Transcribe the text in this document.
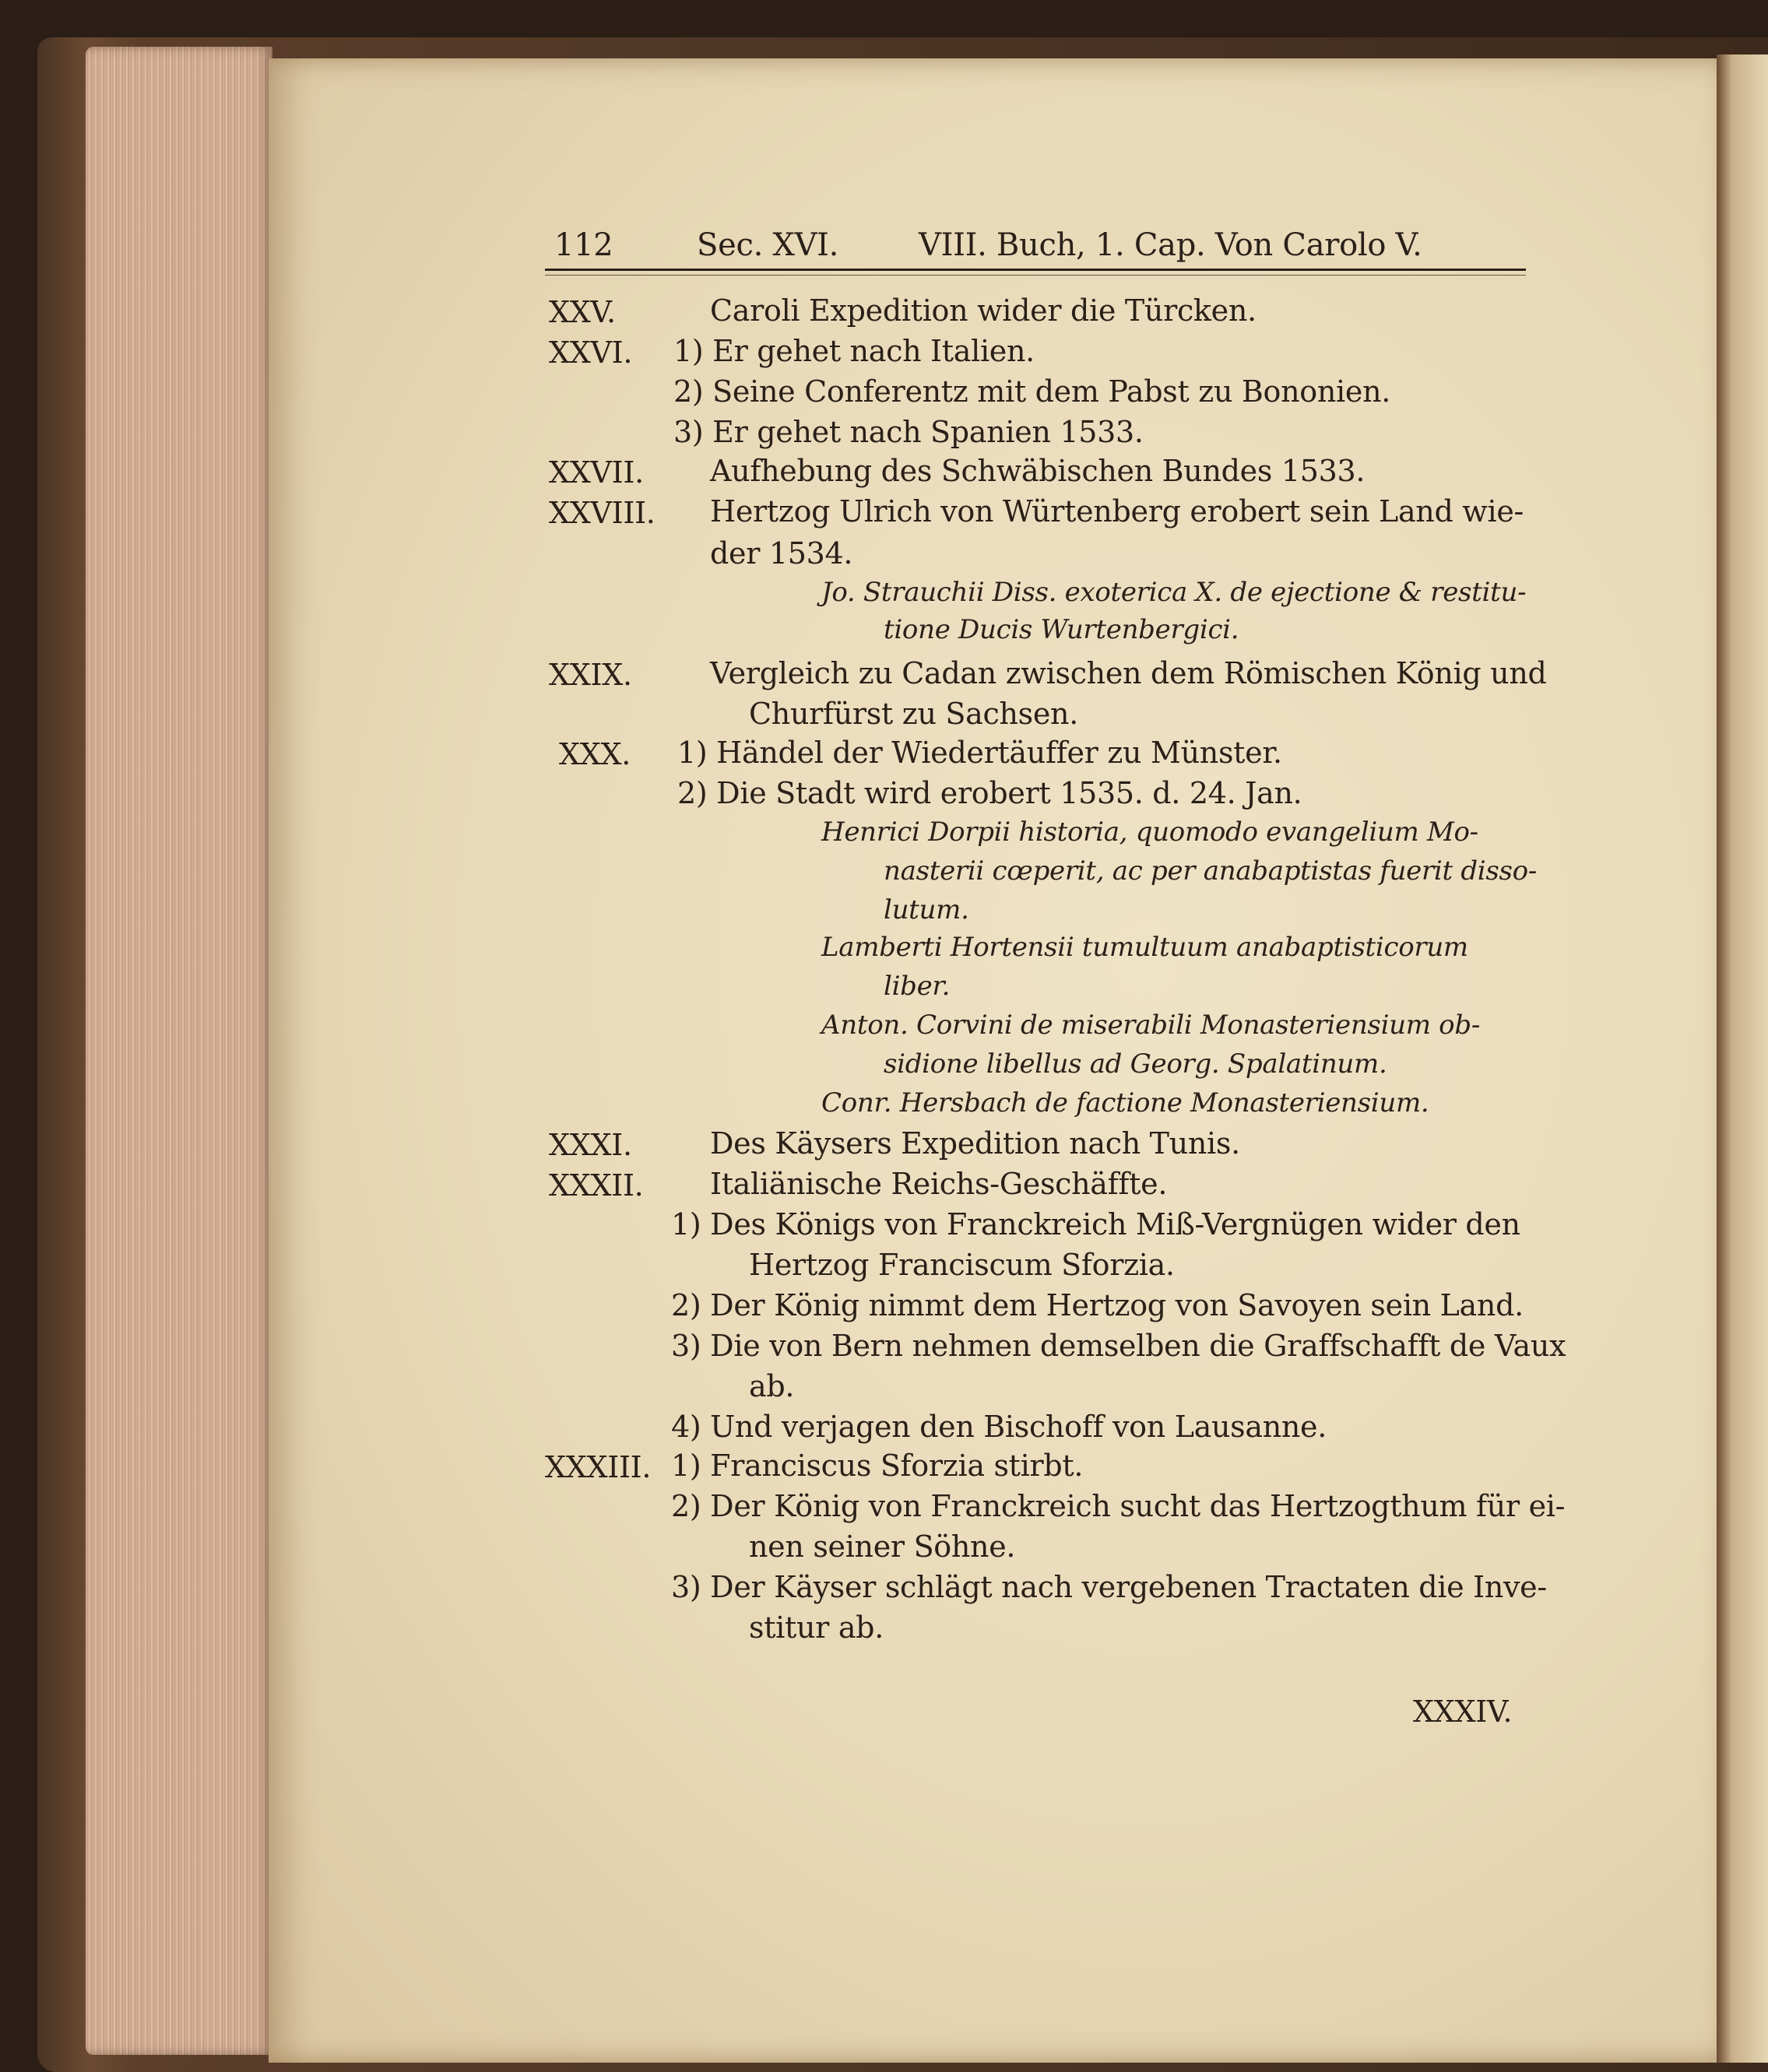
112	Sec. XVI.	VIII. Buch, 1. Cap. Von Carolo V.
XXV.	Caroli Expedition wider die Türcken.
XXVI. 1) Er gehet nach Italien.
2) Seine Conferentz mit dem Pabst zu Bononien.
3) Er gehet nach Spanien 1533.
XXVII. Aufhebung des Schwäbischen Bundes 1533.
XXVIII. Hertzog Ulrich von Würtenberg erobert sein Land wie-
der 1534.
Jo. Strauchii Diss. exoterica X. de ejectione & restitu-
tione Ducis Wurtenbergici.
XXIX.	Vergleich zu Cadan zwischen dem Römischen König und
Churfürst zu Sachsen.
XXX. 1) Händel der Wiedertäuffer zu Münster.
2) Die Stadt wird erobert 1535. d. 24. Jan.
Henrici Dorpii historia, quomodo evangelium Mo-
nasterii cœperit, ac per anabaptistas fuerit disso-
lutum.
Lamberti Hortensii tumultuum anabaptisticorum
liber.
Anton. Corvini de miserabili Monasteriensium ob-
sidione libellus ad Georg. Spalatinum.
Conr. Hersbach de factione Monasteriensium.
XXXI.	Des Käysers Expedition nach Tunis.
XXXII. Italiänische Reichs-Geschäffte.
1) Des Königs von Franckreich Miß-Vergnügen wider den
Hertzog Franciscum Sforzia.
2) Der König nimmt dem Hertzog von Savoyen sein Land.
3) Die von Bern nehmen demselben die Graffschafft de Vaux
ab.
4) Und verjagen den Bischoff von Lausanne.
XXXIII. 1) Franciscus Sforzia stirbt.
2) Der König von Franckreich sucht das Hertzogthum für ei-
nen seiner Söhne.
3) Der Käyser schlägt nach vergebenen Tractaten die Inve-
stitur ab.
XXXIV.
